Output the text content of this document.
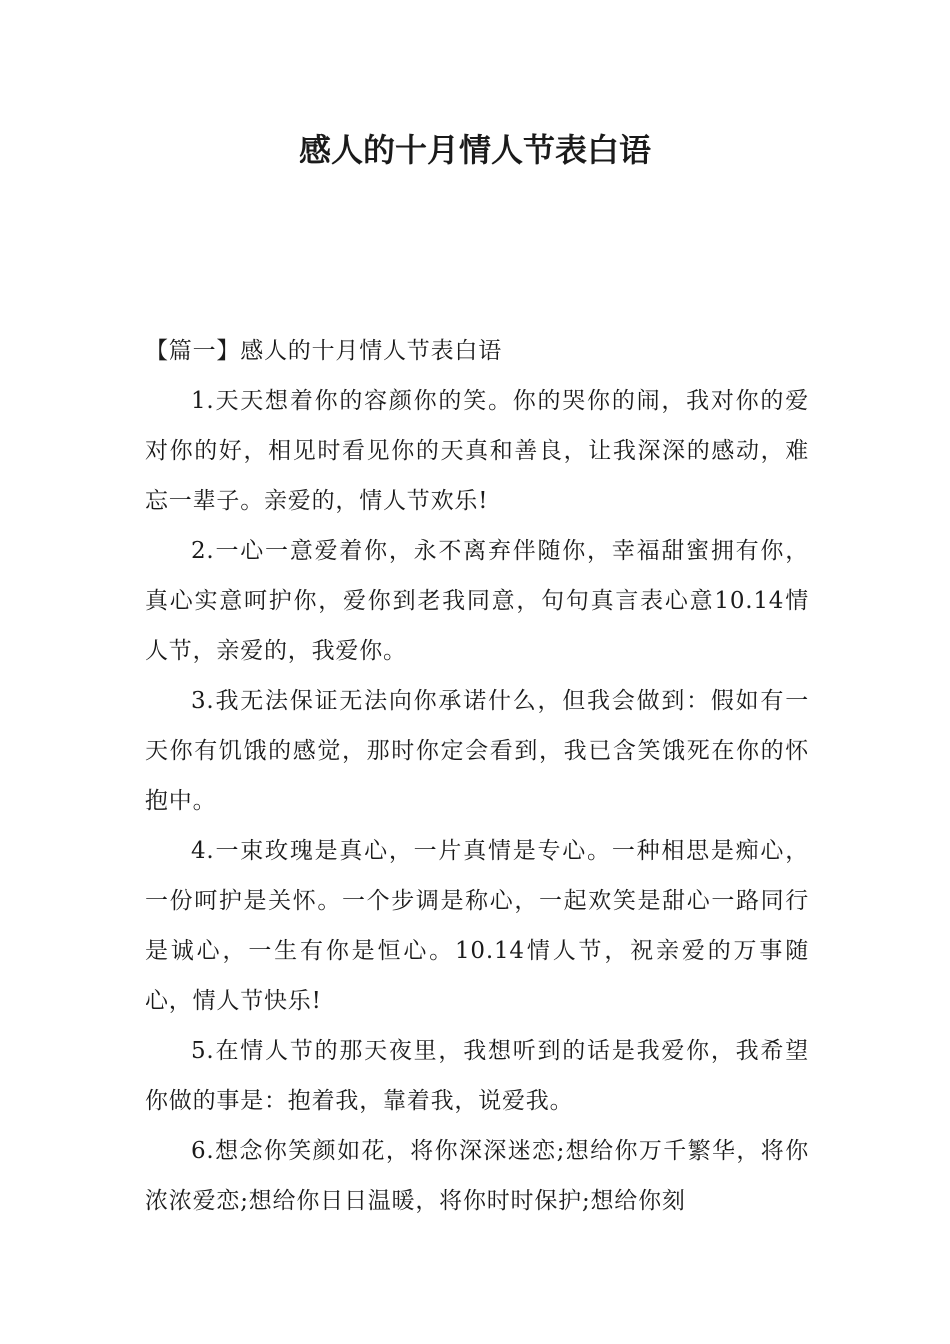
感人的十月情人节表白语

【篇一】感人的十月情人节表白语

1.天天想着你的容颜你的笑。你的哭你的闹，我对你的爱对你的好，相见时看见你的天真和善良，让我深深的感动，难忘一辈子。亲爱的，情人节欢乐!

2.一心一意爱着你，永不离弃伴随你，幸福甜蜜拥有你，真心实意呵护你，爱你到老我同意，句句真言表心意10.14情人节，亲爱的，我爱你。

3.我无法保证无法向你承诺什么，但我会做到：假如有一天你有饥饿的感觉，那时你定会看到，我已含笑饿死在你的怀抱中。

4.一束玫瑰是真心，一片真情是专心。一种相思是痴心，一份呵护是关怀。一个步调是称心，一起欢笑是甜心一路同行是诚心，一生有你是恒心。10.14情人节，祝亲爱的万事随心，情人节快乐!

5.在情人节的那天夜里，我想听到的话是我爱你，我希望你做的事是：抱着我，靠着我，说爱我。

6.想念你笑颜如花，将你深深迷恋;想给你万千繁华，将你浓浓爱恋;想给你日日温暖，将你时时保护;想给你刻
